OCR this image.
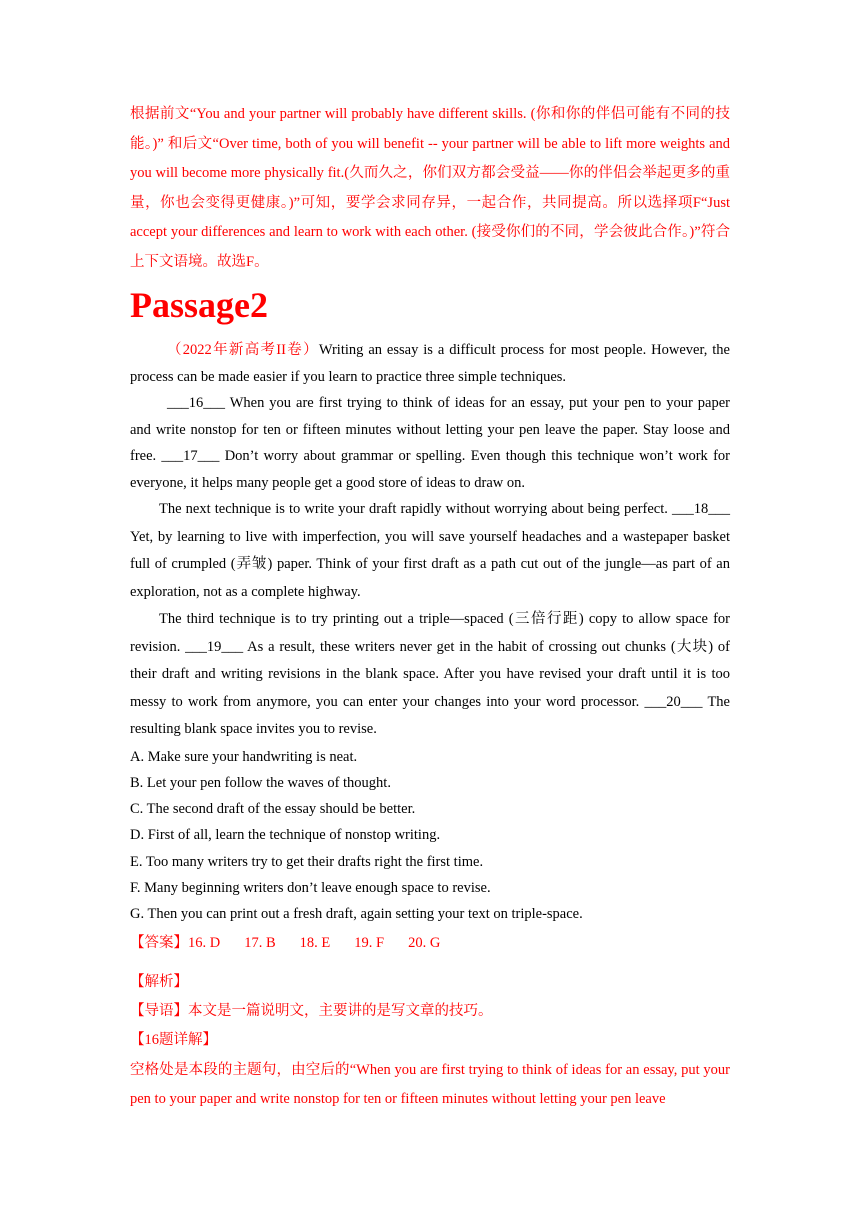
根据前文“You and your partner will probably have different skills. (你和你的伴侣可能有不同的技能。)” 和后文“Over time, both of you will benefit -- your partner will be able to lift more weights and you will become more physically fit.(久而久之，你们双方都会受益——你的伴侣会举起更多的重量，你也会变得更健康。)”可知，要学会求同存异，一起合作，共同提高。所以选择项F“Just accept your differences and learn to work with each other. (接受你们的不同，学会彼此合作。)”符合上下文语境。故选F。

Passage2

（2022年新高考II卷）Writing an essay is a difficult process for most people. However, the process can be made easier if you learn to practice three simple techniques.

___16___ When you are first trying to think of ideas for an essay, put your pen to your paper and write nonstop for ten or fifteen minutes without letting your pen leave the paper. Stay loose and free. ___17___ Don’t worry about grammar or spelling. Even though this technique won’t work for everyone, it helps many people get a good store of ideas to draw on.

The next technique is to write your draft rapidly without worrying about being perfect. ___18___ Yet, by learning to live with imperfection, you will save yourself headaches and a wastepaper basket full of crumpled (弄皱) paper. Think of your first draft as a path cut out of the jungle—as part of an exploration, not as a complete highway.

The third technique is to try printing out a triple—spaced (三倍行距) copy to allow space for revision. ___19___ As a result, these writers never get in the habit of crossing out chunks (大块) of their draft and writing revisions in the blank space. After you have revised your draft until it is too messy to work from anymore, you can enter your changes into your word processor. ___20___ The resulting blank space invites you to revise.

A. Make sure your handwriting is neat.

B. Let your pen follow the waves of thought.

C. The second draft of the essay should be better.

D. First of all, learn the technique of nonstop writing.

E. Too many writers try to get their drafts right the first time.

F. Many beginning writers don’t leave enough space to revise.

G. Then you can print out a fresh draft, again setting your text on triple-space.

【答案】16. D 17. B 18. E 19. F 20. G

【解析】

【导语】本文是一篇说明文，主要讲的是写文章的技巧。

【16题详解】

空格处是本段的主题句，由空后的“When you are first trying to think of ideas for an essay, put your pen to your paper and write nonstop for ten or fifteen minutes without letting your pen leave
